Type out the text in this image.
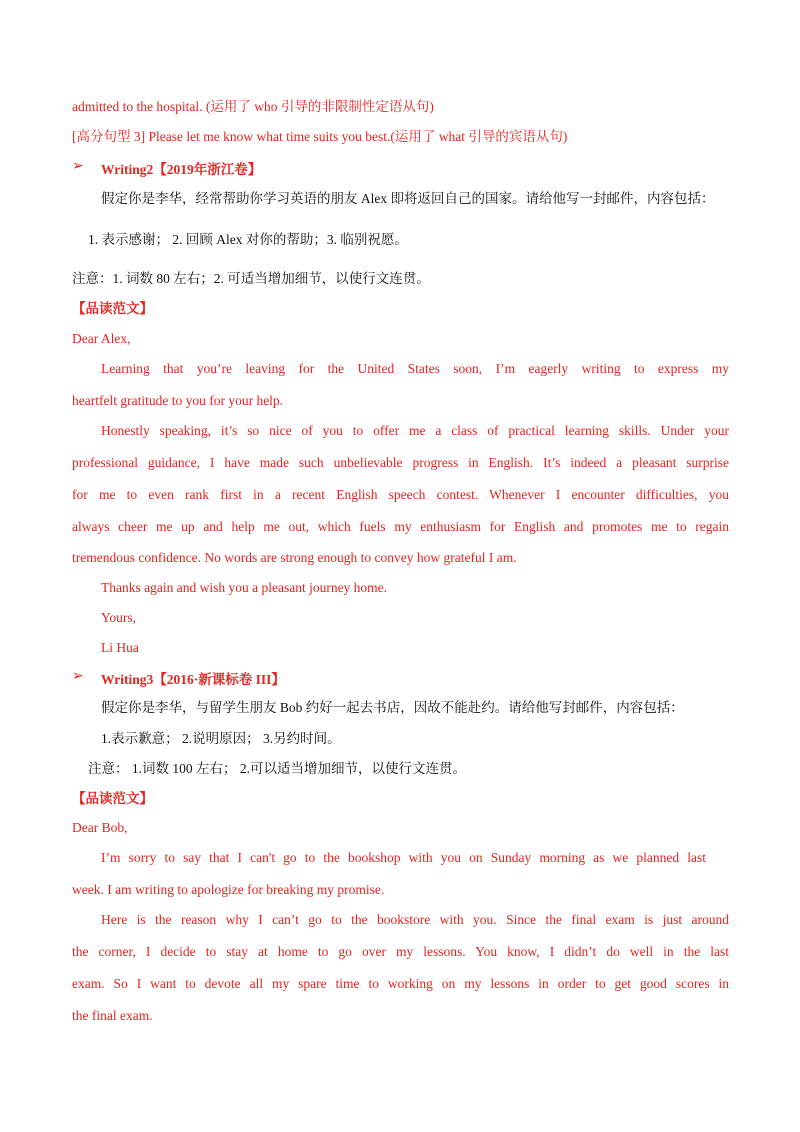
admitted to the hospital. (运用了 who 引导的非限制性定语从句)
[高分句型 3] Please let me know what time suits you best.(运用了 what 引导的宾语从句)
➢ Writing2【2019年浙江卷】
假定你是李华，经常帮助你学习英语的朋友 Alex 即将返回自己的国家。请给他写一封邮件，内容包括：
1. 表示感谢； 2. 回顾 Alex 对你的帮助；3. 临别祝愿。
注意：1. 词数 80 左右；2. 可适当增加细节，以使行文连贯。
【品读范文】
Dear Alex,
Learning that you’re leaving for the United States soon, I’m eagerly writing to express my
heartfelt gratitude to you for your help.
Honestly speaking, it’s so nice of you to offer me a class of practical learning skills. Under your
professional guidance, I have made such unbelievable progress in English. It’s indeed a pleasant surprise
for me to even rank first in a recent English speech contest. Whenever I encounter difficulties, you
always cheer me up and help me out, which fuels my enthusiasm for English and promotes me to regain
tremendous confidence. No words are strong enough to convey how grateful I am.
Thanks again and wish you a pleasant journey home.
Yours,
Li Hua
➢ Writing3【2016·新课标卷 III】
假定你是李华，与留学生朋友 Bob 约好一起去书店，因故不能赴约。请给他写封邮件，内容包括：
1.表示歉意； 2.说明原因； 3.另约时间。
注意： 1.词数 100 左右； 2.可以适当增加细节，以使行文连贯。
【品读范文】
Dear Bob,
I’m sorry to say that I can't go to the bookshop with you on Sunday morning as we planned last
week. I am writing to apologize for breaking my promise.
Here is the reason why I can’t go to the bookstore with you. Since the final exam is just around
the corner, I decide to stay at home to go over my lessons. You know, I didn’t do well in the last
exam. So I want to devote all my spare time to working on my lessons in order to get good scores in
the final exam.
